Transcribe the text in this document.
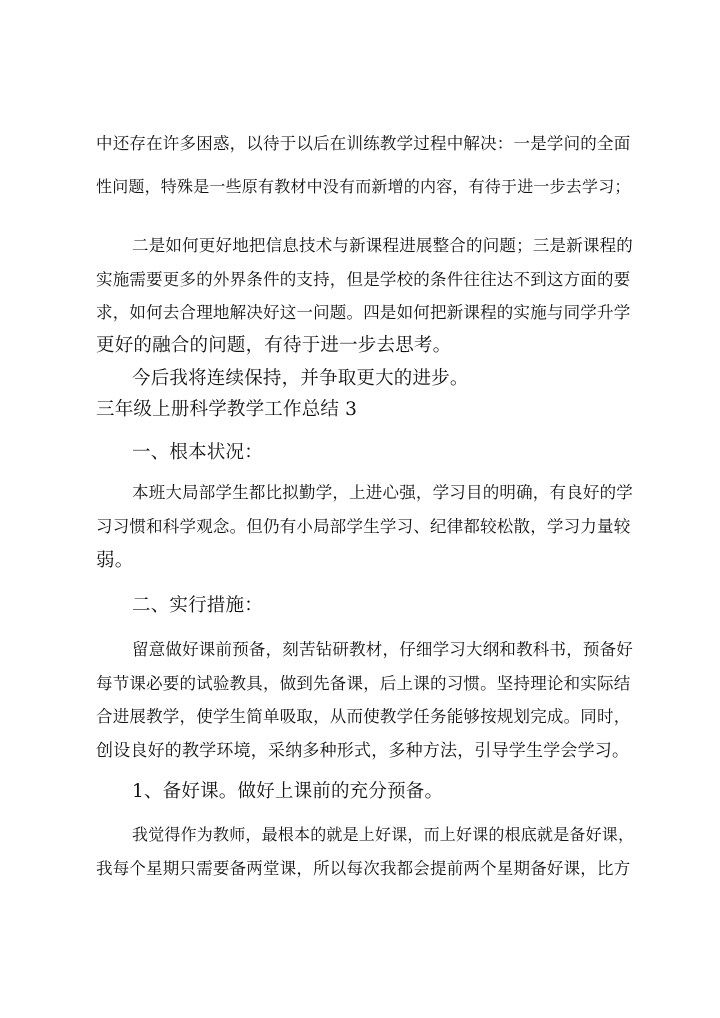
中还存在许多困惑，以待于以后在训练教学过程中解决：一是学问的全面
性问题，特殊是一些原有教材中没有而新增的内容，有待于进一步去学习；
二是如何更好地把信息技术与新课程进展整合的问题；三是新课程的
实施需要更多的外界条件的支持，但是学校的条件往往达不到这方面的要
求，如何去合理地解决好这一问题。四是如何把新课程的实施与同学升学
更好的融合的问题，有待于进一步去思考。
今后我将连续保持，并争取更大的进步。
三年级上册科学教学工作总结 3
一、根本状况：
本班大局部学生都比拟勤学，上进心强，学习目的明确，有良好的学
习习惯和科学观念。但仍有小局部学生学习、纪律都较松散，学习力量较
弱。
二、实行措施：
留意做好课前预备，刻苦钻研教材，仔细学习大纲和教科书，预备好
每节课必要的试验教具，做到先备课，后上课的习惯。坚持理论和实际结
合进展教学，使学生简单吸取，从而使教学任务能够按规划完成。同时，
创设良好的教学环境，采纳多种形式，多种方法，引导学生学会学习。
1、备好课。做好上课前的充分预备。
我觉得作为教师，最根本的就是上好课，而上好课的根底就是备好课，
我每个星期只需要备两堂课，所以每次我都会提前两个星期备好课，比方
